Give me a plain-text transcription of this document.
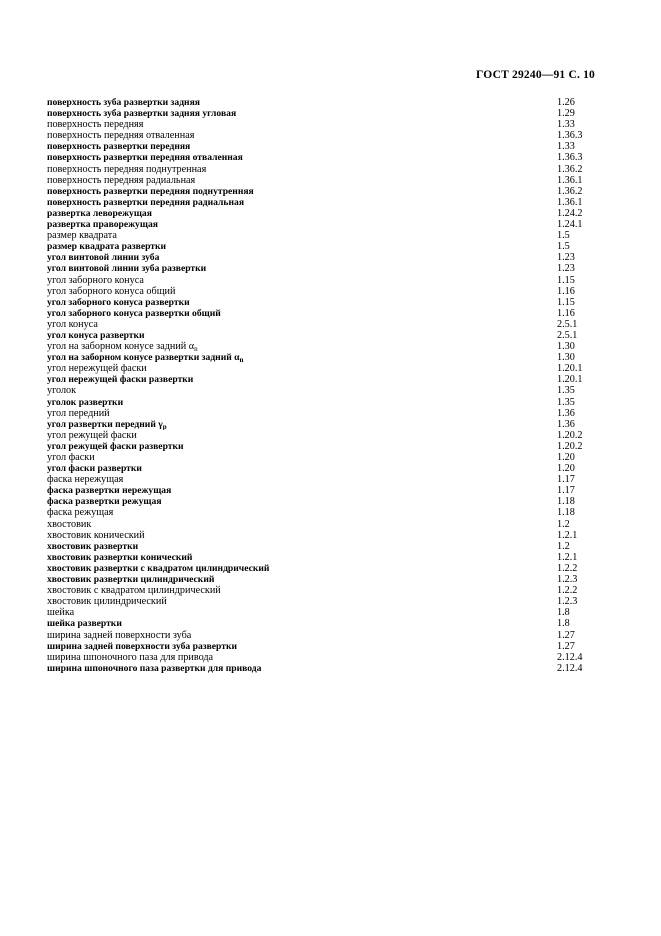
ГОСТ 29240—91 С. 10
поверхность зуба развертки задняя	1.26
поверхность зуба развертки задняя угловая	1.29
поверхность передняя	1.33
поверхность передняя отваленная	1.36.3
поверхность развертки передняя	1.33
поверхность развертки передняя отваленная	1.36.3
поверхность передняя поднутренная	1.36.2
поверхность передняя радиальная	1.36.1
поверхность развертки передняя поднутренняя	1.36.2
поверхность развертки передняя радиальная	1.36.1
развертка леворежущая	1.24.2
развертка праворежущая	1.24.1
размер квадрата	1.5
размер квадрата развертки	1.5
угол винтовой линии зуба	1.23
угол винтовой линии зуба развертки	1.23
угол заборного конуса	1.15
угол заборного конуса общий	1.16
угол заборного конуса развертки	1.15
угол заборного конуса развертки общий	1.16
угол конуса	2.5.1
угол конуса развертки	2.5.1
угол на заборном конусе задний $\alpha_n$	1.30
угол на заборном конусе развертки задний $\alpha_n$	1.30
угол нережущей фаски	1.20.1
угол нережущей фаски развертки	1.20.1
уголок	1.35
уголок развертки	1.35
угол передний	1.36
угол развертки передний $\gamma_p$	1.36
угол режущей фаски	1.20.2
угол режущей фаски развертки	1.20.2
угол фаски	1.20
угол фаски развертки	1.20
фаска нережущая	1.17
фаска развертки нережущая	1.17
фаска развертки режущая	1.18
фаска режущая	1.18
хвостовик	1.2
хвостовик конический	1.2.1
хвостовик развертки	1.2
хвостовик развертки конический	1.2.1
хвостовик развертки с квадратом цилиндрический	1.2.2
хвостовик развертки цилиндрический	1.2.3
хвостовик с квадратом цилиндрический	1.2.2
хвостовик цилиндрический	1.2.3
шейка	1.8
шейка развертки	1.8
ширина задней поверхности зуба	1.27
ширина задней поверхности зуба развертки	1.27
ширина шпоночного паза для привода	2.12.4
ширина шпоночного паза развертки для привода	2.12.4
